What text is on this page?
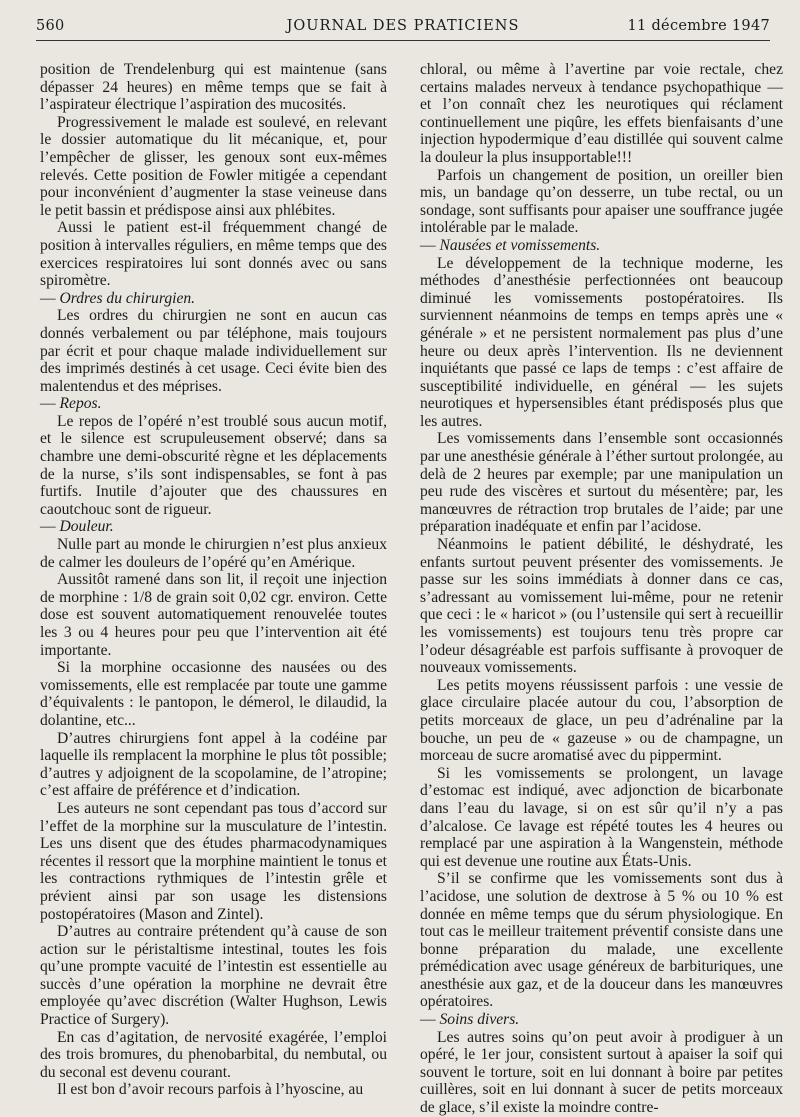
560	JOURNAL DES PRATICIENS	11 décembre 1947

position de Trendelenburg qui est maintenue (sans dépasser 24 heures) en même temps que se fait à l’aspirateur électrique l’aspiration des mucosités.

Progressivement le malade est soulevé, en relevant le dossier automatique du lit mécanique, et, pour l’empêcher de glisser, les genoux sont eux-mêmes relevés. Cette position de Fowler mitigée a cependant pour inconvénient d’augmenter la stase veineuse dans le petit bassin et prédispose ainsi aux phlébites.

Aussi le patient est-il fréquemment changé de position à intervalles réguliers, en même temps que des exercices respiratoires lui sont donnés avec ou sans spiromètre.

— Ordres du chirurgien.

Les ordres du chirurgien ne sont en aucun cas donnés verbalement ou par téléphone, mais toujours par écrit et pour chaque malade individuellement sur des imprimés destinés à cet usage. Ceci évite bien des malentendus et des méprises.

— Repos.

Le repos de l’opéré n’est troublé sous aucun motif, et le silence est scrupuleusement observé; dans sa chambre une demi-obscurité règne et les déplacements de la nurse, s’ils sont indispensables, se font à pas furtifs. Inutile d’ajouter que des chaussures en caoutchouc sont de rigueur.

— Douleur.

Nulle part au monde le chirurgien n’est plus anxieux de calmer les douleurs de l’opéré qu’en Amérique.

Aussitôt ramené dans son lit, il reçoit une injection de morphine : 1/8 de grain soit 0,02 cgr. environ. Cette dose est souvent automatiquement renouvelée toutes les 3 ou 4 heures pour peu que l’intervention ait été importante.

Si la morphine occasionne des nausées ou des vomissements, elle est remplacée par toute une gamme d’équivalents : le pantopon, le démerol, le dilaudid, la dolantine, etc...

D’autres chirurgiens font appel à la codéine par laquelle ils remplacent la morphine le plus tôt possible; d’autres y adjoignent de la scopolamine, de l’atropine; c’est affaire de préférence et d’indication.

Les auteurs ne sont cependant pas tous d’accord sur l’effet de la morphine sur la musculature de l’intestin. Les uns disent que des études pharmacodynamiques récentes il ressort que la morphine maintient le tonus et les contractions rythmiques de l’intestin grêle et prévient ainsi par son usage les distensions postopératoires (Mason and Zintel).

D’autres au contraire prétendent qu’à cause de son action sur le péristaltisme intestinal, toutes les fois qu’une prompte vacuité de l’intestin est essentielle au succès d’une opération la morphine ne devrait être employée qu’avec discrétion (Walter Hughson, Lewis Practice of Surgery).

En cas d’agitation, de nervosité exagérée, l’emploi des trois bromures, du phenobarbital, du nembutal, ou du seconal est devenu courant.

Il est bon d’avoir recours parfois à l’hyoscine, au

chloral, ou même à l’avertine par voie rectale, chez certains malades nerveux à tendance psychopathique — et l’on connaît chez les neurotiques qui réclament continuellement une piqûre, les effets bienfaisants d’une injection hypodermique d’eau distillée qui souvent calme la douleur la plus insupportable!!!

Parfois un changement de position, un oreiller bien mis, un bandage qu’on desserre, un tube rectal, ou un sondage, sont suffisants pour apaiser une souffrance jugée intolérable par le malade.

— Nausées et vomissements.

Le développement de la technique moderne, les méthodes d’anesthésie perfectionnées ont beaucoup diminué les vomissements postopératoires. Ils surviennent néanmoins de temps en temps après une « générale » et ne persistent normalement pas plus d’une heure ou deux après l’intervention. Ils ne deviennent inquiétants que passé ce laps de temps : c’est affaire de susceptibilité individuelle, en général — les sujets neurotiques et hypersensibles étant prédisposés plus que les autres.

Les vomissements dans l’ensemble sont occasionnés par une anesthésie générale à l’éther surtout prolongée, au delà de 2 heures par exemple; par une manipulation un peu rude des viscères et surtout du mésentère; par, les manœuvres de rétraction trop brutales de l’aide; par une préparation inadéquate et enfin par l’acidose.

Néanmoins le patient débilité, le déshydraté, les enfants surtout peuvent présenter des vomissements. Je passe sur les soins immédiats à donner dans ce cas, s’adressant au vomissement lui-même, pour ne retenir que ceci : le « haricot » (ou l’ustensile qui sert à recueillir les vomissements) est toujours tenu très propre car l’odeur désagréable est parfois suffisante à provoquer de nouveaux vomissements.

Les petits moyens réussissent parfois : une vessie de glace circulaire placée autour du cou, l’absorption de petits morceaux de glace, un peu d’adrénaline par la bouche, un peu de « gazeuse » ou de champagne, un morceau de sucre aromatisé avec du pippermint.

Si les vomissements se prolongent, un lavage d’estomac est indiqué, avec adjonction de bicarbonate dans l’eau du lavage, si on est sûr qu’il n’y a pas d’alcalose. Ce lavage est répété toutes les 4 heures ou remplacé par une aspiration à la Wangenstein, méthode qui est devenue une routine aux États-Unis.

S’il se confirme que les vomissements sont dus à l’acidose, une solution de dextrose à 5 % ou 10 % est donnée en même temps que du sérum physiologique. En tout cas le meilleur traitement préventif consiste dans une bonne préparation du malade, une excellente prémédication avec usage généreux de barbituriques, une anesthésie aux gaz, et de la douceur dans les manœuvres opératoires.

— Soins divers.

Les autres soins qu’on peut avoir à prodiguer à un opéré, le 1er jour, consistent surtout à apaiser la soif qui souvent le torture, soit en lui donnant à boire par petites cuillères, soit en lui donnant à sucer de petits morceaux de glace, s’il existe la moindre contre-
